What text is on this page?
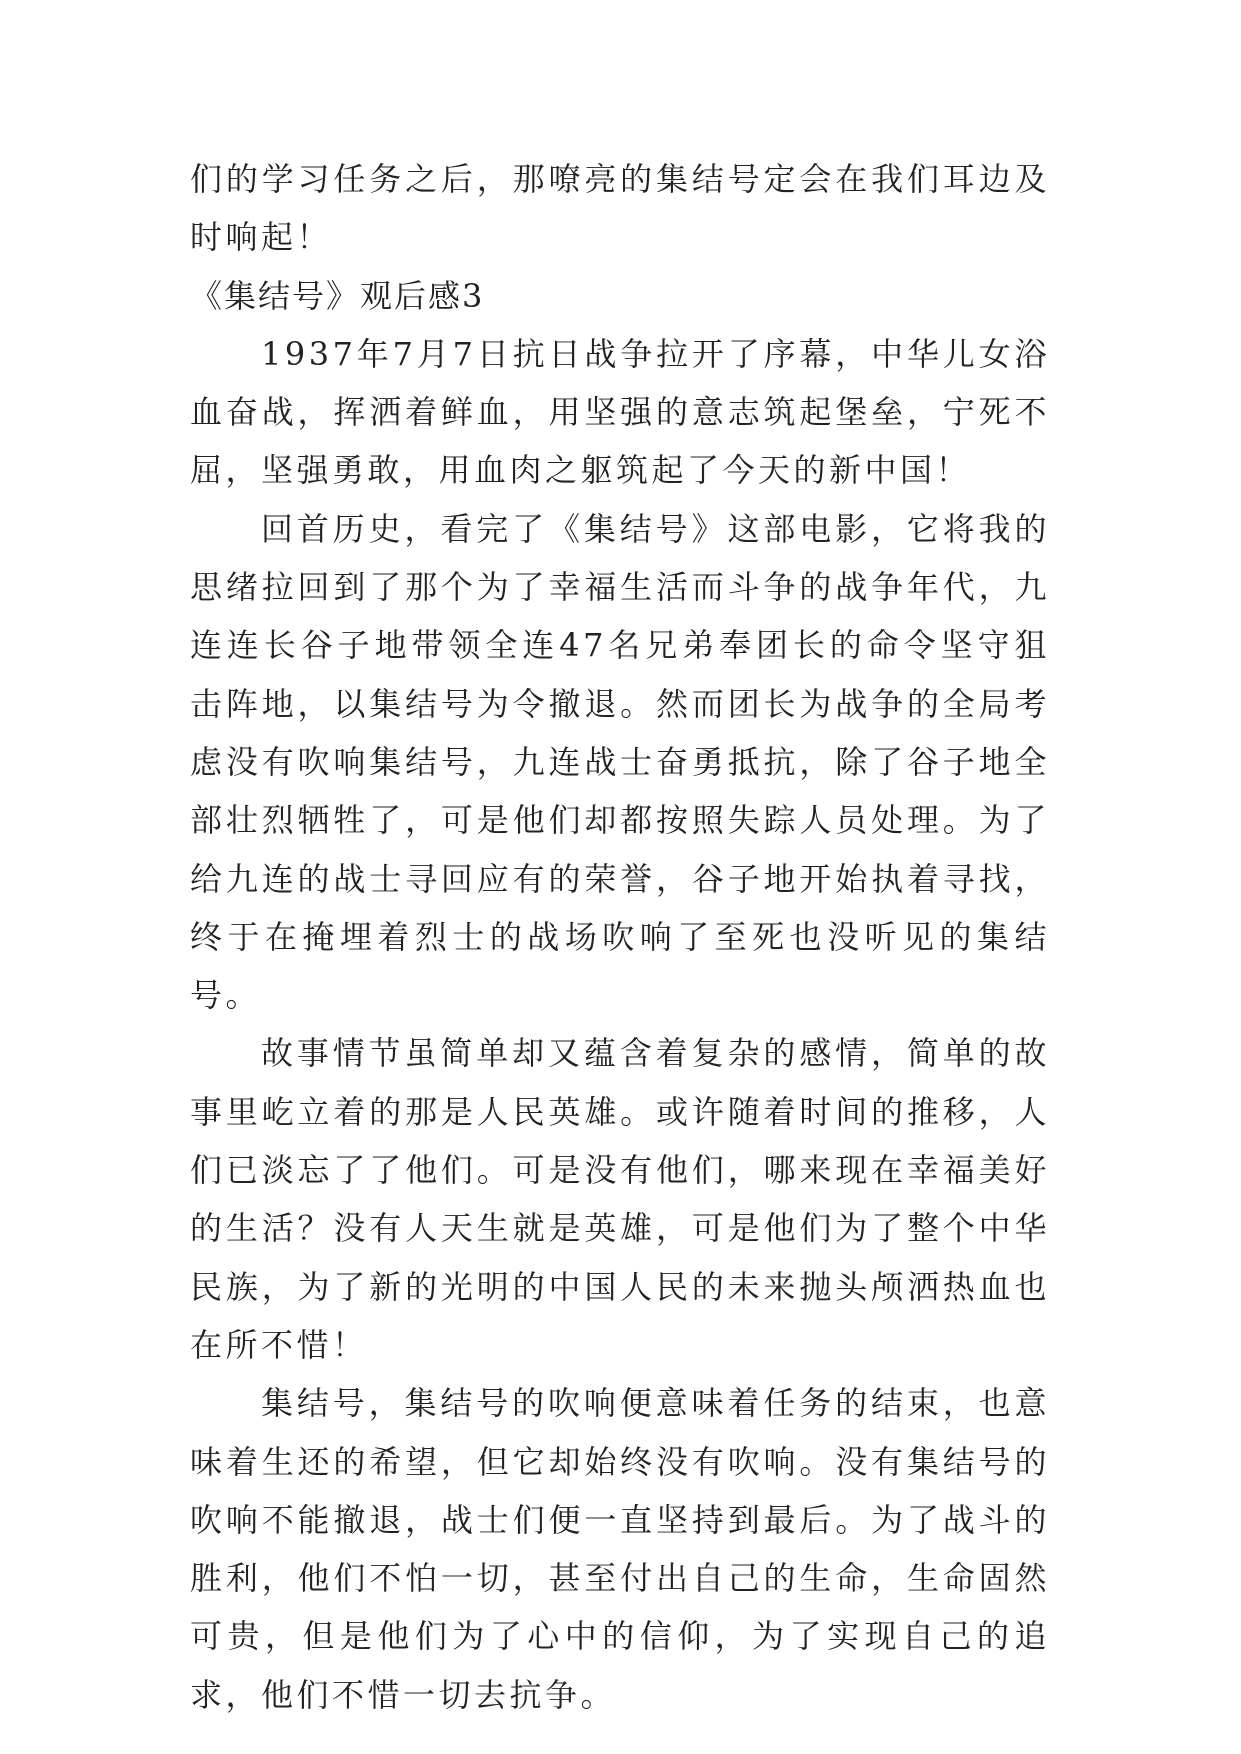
们的学习任务之后，那嘹亮的集结号定会在我们耳边及时响起！

《集结号》观后感3

1937年7月7日抗日战争拉开了序幕，中华儿女浴血奋战，挥洒着鲜血，用坚强的意志筑起堡垒，宁死不屈，坚强勇敢，用血肉之躯筑起了今天的新中国！

回首历史，看完了《集结号》这部电影，它将我的思绪拉回到了那个为了幸福生活而斗争的战争年代，九连连长谷子地带领全连47名兄弟奉团长的命令坚守狙击阵地，以集结号为令撤退。然而团长为战争的全局考虑没有吹响集结号，九连战士奋勇抵抗，除了谷子地全部壮烈牺牲了，可是他们却都按照失踪人员处理。为了给九连的战士寻回应有的荣誉，谷子地开始执着寻找，终于在掩埋着烈士的战场吹响了至死也没听见的集结号。

故事情节虽简单却又蕴含着复杂的感情，简单的故事里屹立着的那是人民英雄。或许随着时间的推移，人们已淡忘了了他们。可是没有他们，哪来现在幸福美好的生活？没有人天生就是英雄，可是他们为了整个中华民族，为了新的光明的中国人民的未来抛头颅洒热血也在所不惜！

集结号，集结号的吹响便意味着任务的结束，也意味着生还的希望，但它却始终没有吹响。没有集结号的吹响不能撤退，战士们便一直坚持到最后。为了战斗的胜利，他们不怕一切，甚至付出自己的生命，生命固然可贵，但是他们为了心中的信仰，为了实现自己的追求，他们不惜一切去抗争。
